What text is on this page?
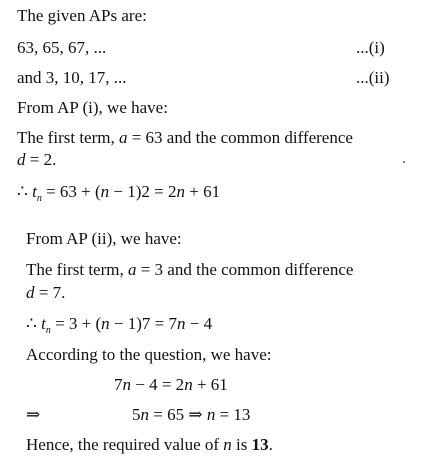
The given APs are:
63, 65, 67, ...	...(i)
and 3, 10, 17, ...	...(ii)
From AP (i), we have:
The first term, a = 63 and the common difference
d = 2.
∴ $t_n = 63 + (n - 1)2 = 2n + 61$
From AP (ii), we have:
The first term, a = 3 and the common difference
d = 7.
∴ $t_n = 3 + (n - 1)7 = 7n - 4$
According to the question, we have:
7n − 4 = 2n + 61
⇒	5n = 65 ⇒ n = 13
Hence, the required value of n is 13.
